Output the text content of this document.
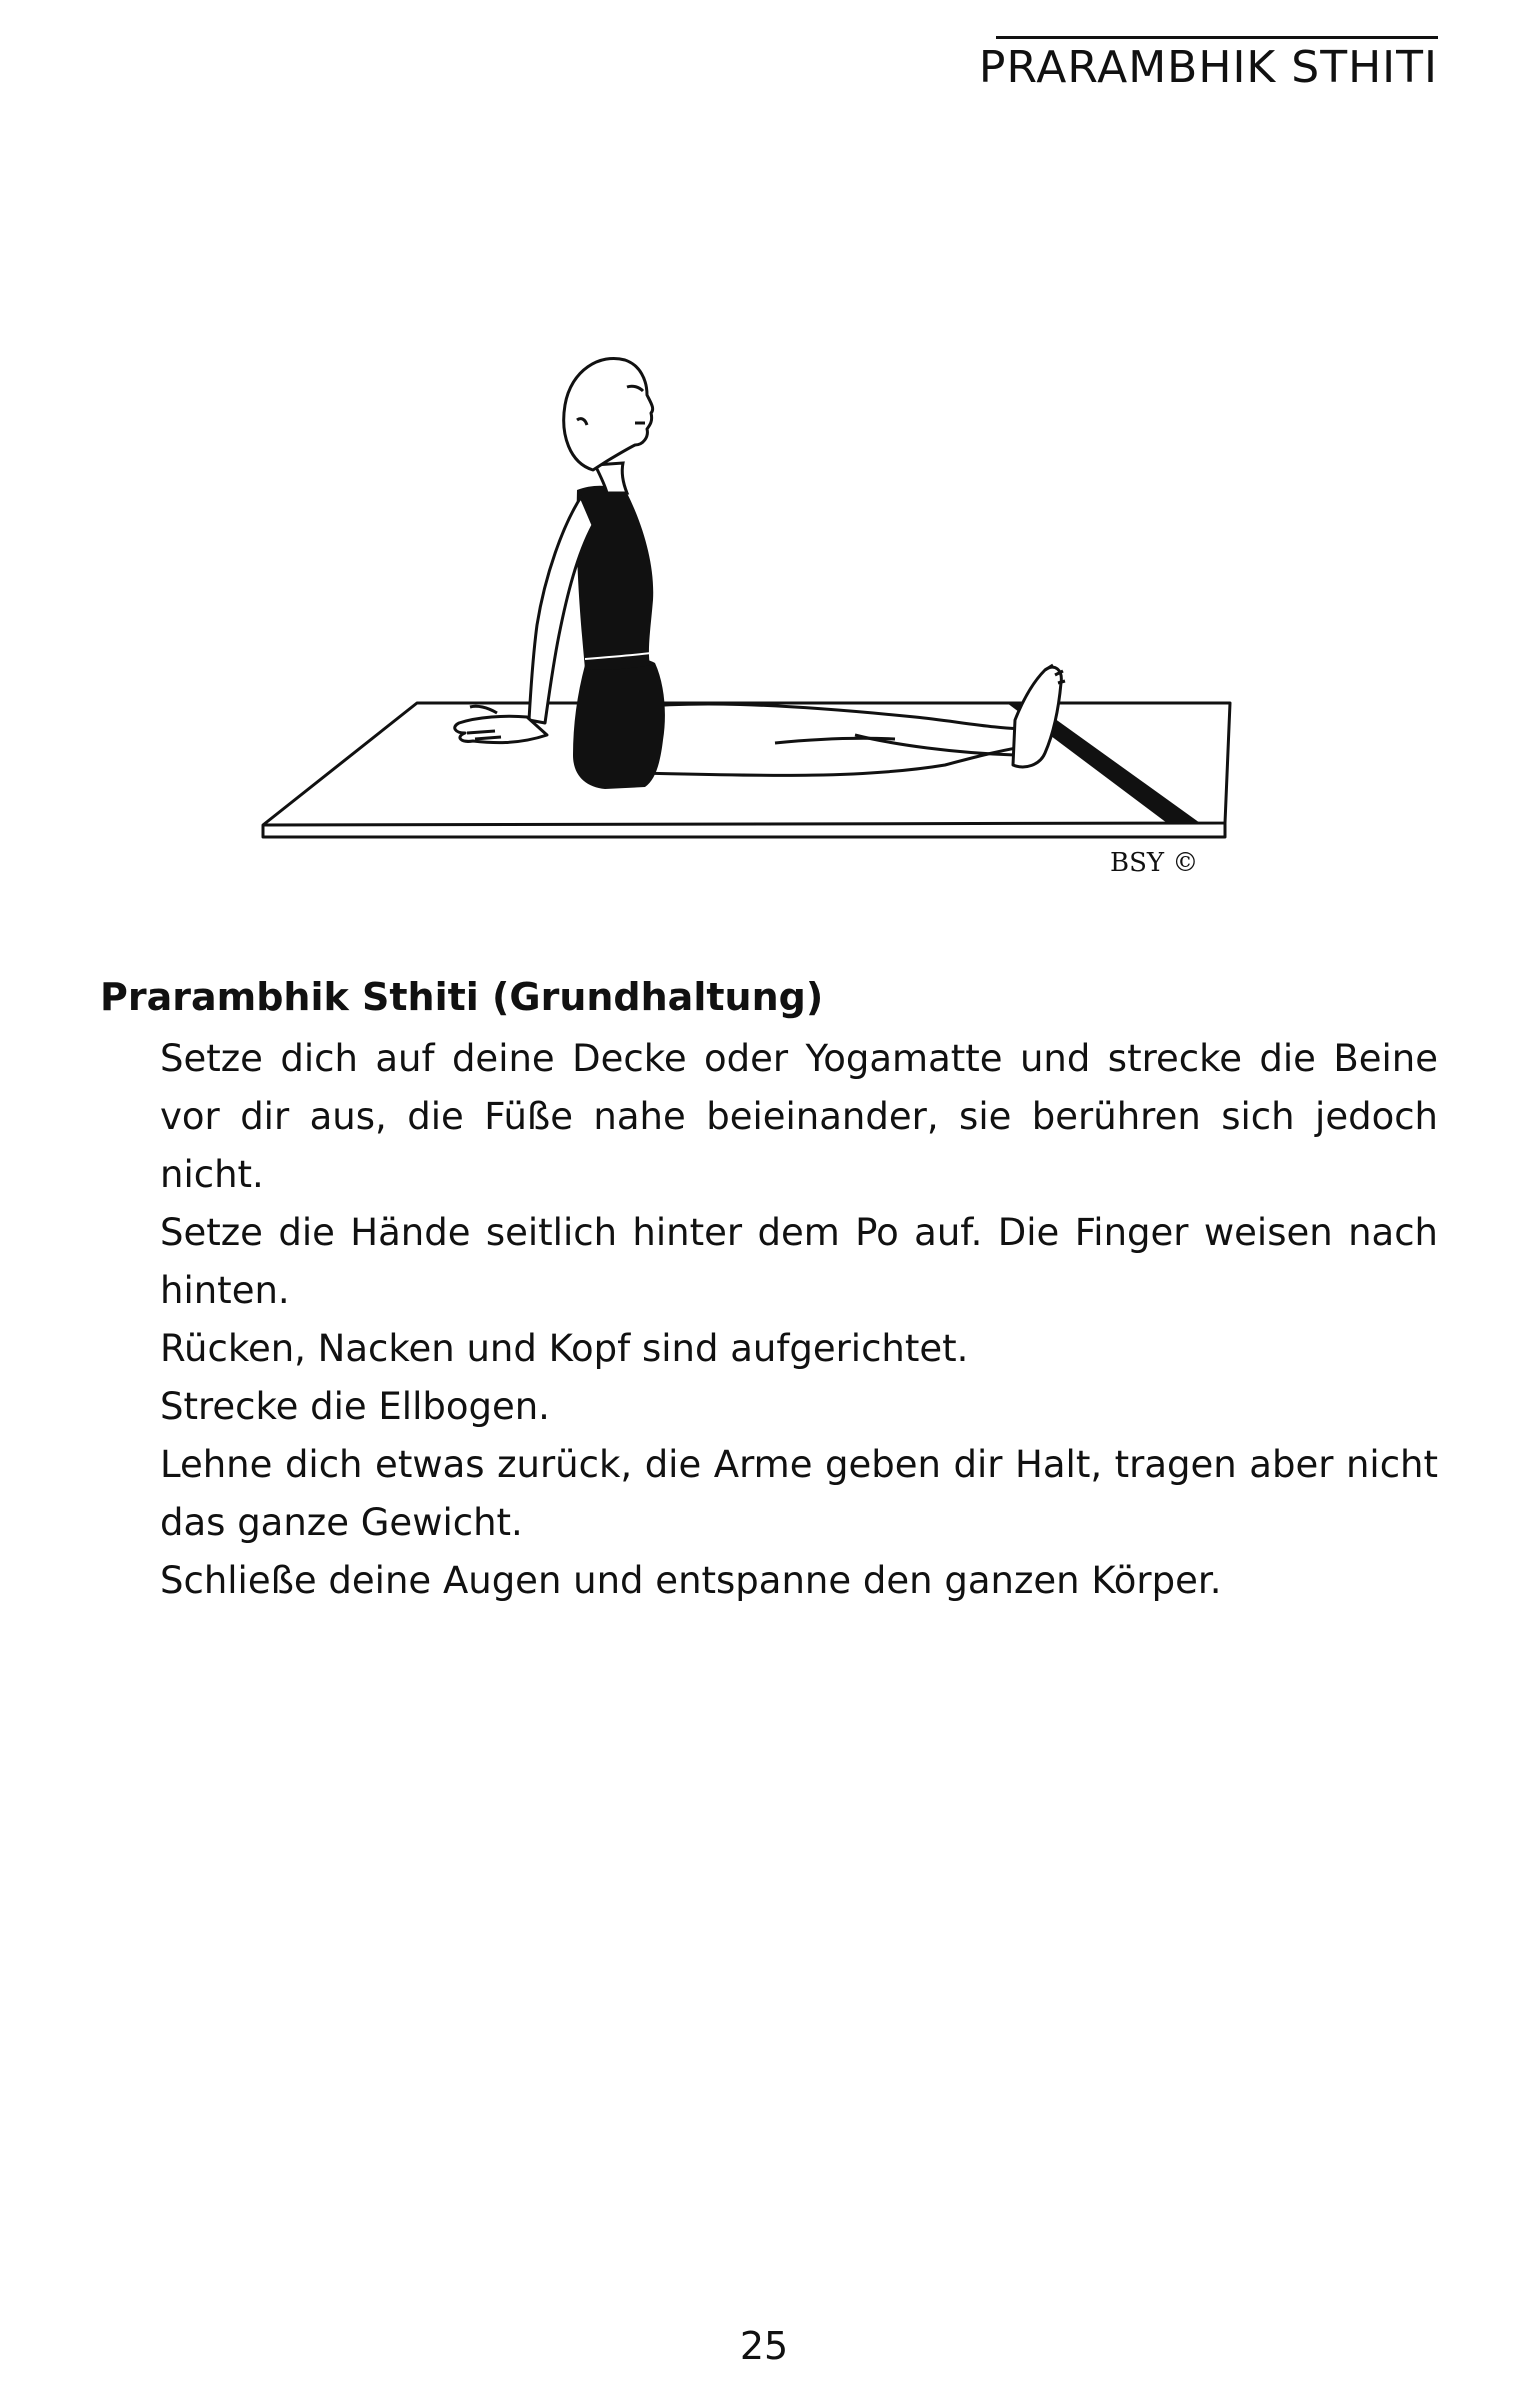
PRARAMBHIK STHITI
BSY ©
Prarambhik Sthiti (Grundhaltung)

Setze dich auf deine Decke oder Yogamatte und strecke die Beine vor dir aus, die Füße nahe beieinander, sie berühren sich jedoch nicht.

Setze die Hände seitlich hinter dem Po auf. Die Finger weisen nach hinten.

Rücken, Nacken und Kopf sind aufgerichtet.

Strecke die Ellbogen.

Lehne dich etwas zurück, die Arme geben dir Halt, tragen aber nicht das ganze Gewicht.

Schließe deine Augen und entspanne den ganzen Körper.

25
